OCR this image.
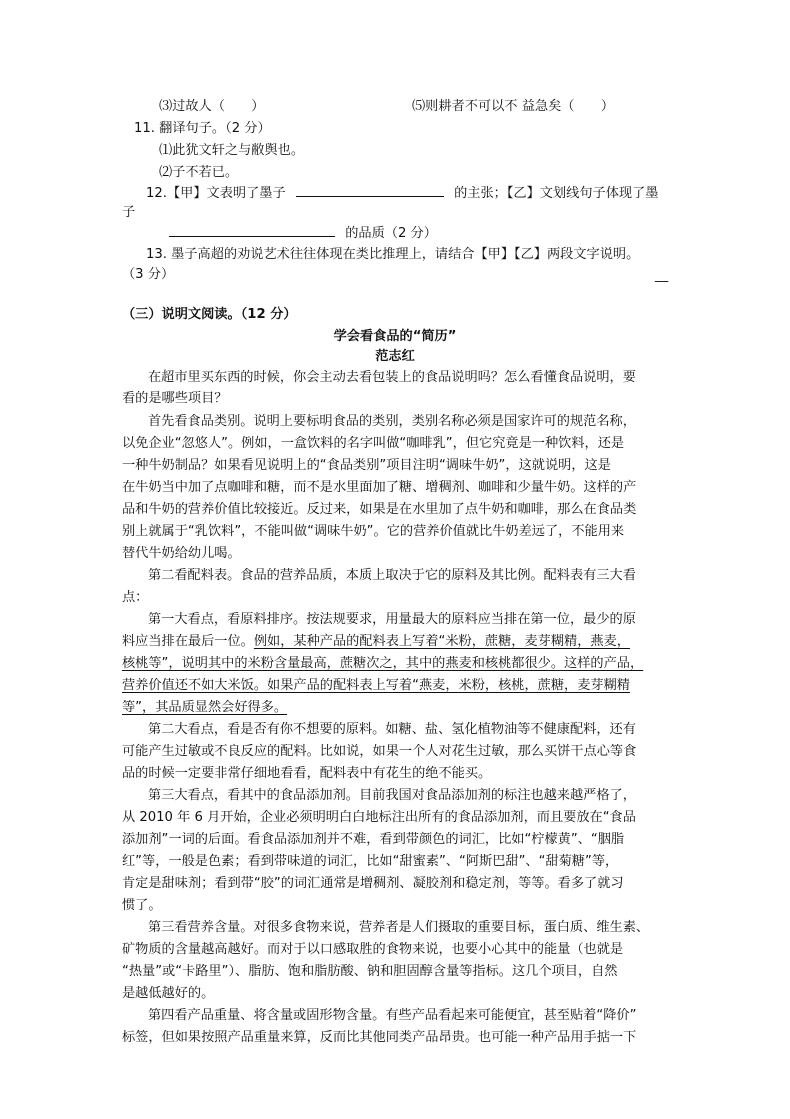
⑶过故人（　　）	⑸则耕者不可以不 益急矣（　　）
11. 翻译句子。（2 分）
⑴此犹文轩之与敝舆也。
⑵子不若已。
12.【甲】文表明了墨子	的主张；【乙】文划线句子体现了墨
子
的品质（2 分）
13. 墨子高超的劝说艺术往往体现在类比推理上，请结合【甲】【乙】两段文字说明。
（3 分）	__
（三）说明文阅读。（12 分）
学会看食品的“简历”
范志红
在超市里买东西的时候，你会主动去看包装上的食品说明吗？怎么看懂食品说明，要
看的是哪些项目？
首先看食品类别。说明上要标明食品的类别，类别名称必须是国家许可的规范名称，
以免企业“忽悠人”。例如，一盒饮料的名字叫做“咖啡乳”，但它究竟是一种饮料，还是
一种牛奶制品？如果看见说明上的“食品类别”项目注明“调味牛奶”，这就说明，这是
在牛奶当中加了点咖啡和糖，而不是水里面加了糖、增稠剂、咖啡和少量牛奶。这样的产
品和牛奶的营养价值比较接近。反过来，如果是在水里加了点牛奶和咖啡，那么在食品类
别上就属于“乳饮料”，不能叫做“调味牛奶”。它的营养价值就比牛奶差远了，不能用来
替代牛奶给幼儿喝。
第二看配料表。食品的营养品质，本质上取决于它的原料及其比例。配料表有三大看
点：
第一大看点，看原料排序。按法规要求，用量最大的原料应当排在第一位，最少的原
料应当排在最后一位。例如，某种产品的配料表上写着“米粉，蔗糖，麦芽糊精，燕麦，
核桃等”，说明其中的米粉含量最高，蔗糖次之，其中的燕麦和核桃都很少。这样的产品，
营养价值还不如大米饭。如果产品的配料表上写着“燕麦，米粉，核桃，蔗糖，麦芽糊精
等”，其品质显然会好得多。
第二大看点，看是否有你不想要的原料。如糖、盐、氢化植物油等不健康配料，还有
可能产生过敏或不良反应的配料。比如说，如果一个人对花生过敏，那么买饼干点心等食
品的时候一定要非常仔细地看看，配料表中有花生的绝不能买。
第三大看点，看其中的食品添加剂。目前我国对食品添加剂的标注也越来越严格了，
从 2010 年 6 月开始，企业必须明明白白地标注出所有的食品添加剂，而且要放在“食品
添加剂”一词的后面。看食品添加剂并不难，看到带颜色的词汇，比如“柠檬黄”、“胭脂
红”等，一般是色素；看到带味道的词汇，比如“甜蜜素”、“阿斯巴甜”、“甜菊糖”等，
肯定是甜味剂；看到带“胶”的词汇通常是增稠剂、凝胶剂和稳定剂，等等。看多了就习
惯了。
第三看营养含量。对很多食物来说，营养者是人们摄取的重要目标，蛋白质、维生素、
矿物质的含量越高越好。而对于以口感取胜的食物来说，也要小心其中的能量（也就是
“热量”或“卡路里”）、脂肪、饱和脂肪酸、钠和胆固醇含量等指标。这几个项目，自然
是越低越好的。
第四看产品重量、将含量或固形物含量。有些产品看起来可能便宜，甚至贴着“降价”
标签，但如果按照产品重量来算，反而比其他同类产品昂贵。也可能一种产品用手掂一下
